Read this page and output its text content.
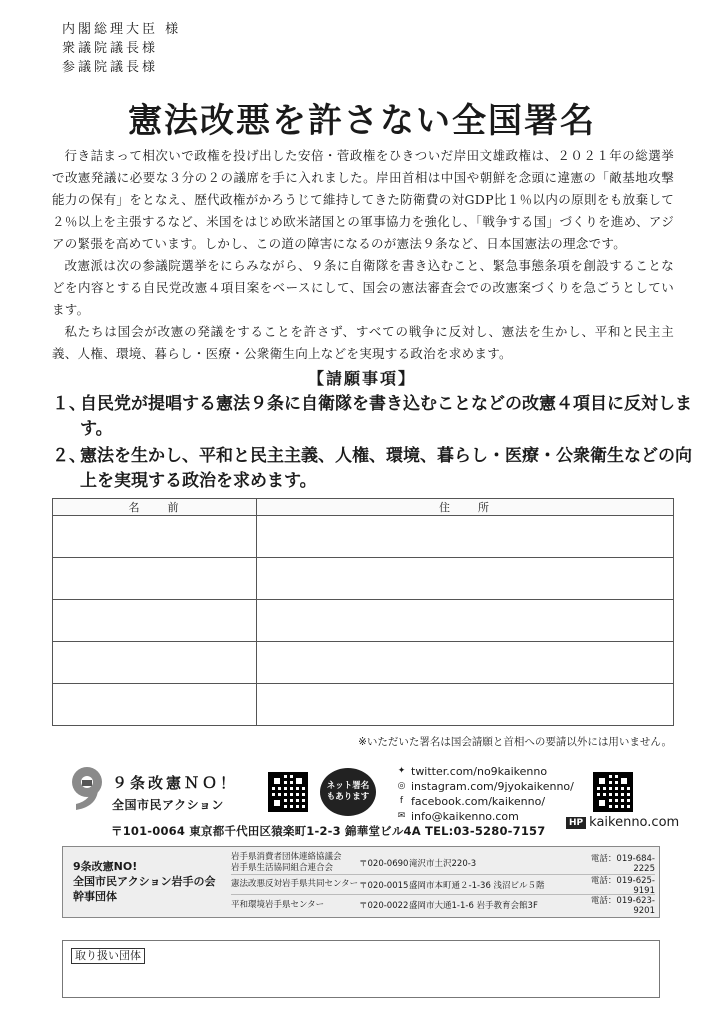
内閣総理大臣 様
衆議院議長様
参議院議長様
憲法改悪を許さない全国署名

行き詰まって相次いで政権を投げ出した安倍・菅政権をひきついだ岸田文雄政権は、２０２１年の総選挙で改憲発議に必要な３分の２の議席を手に入れました。岸田首相は中国や朝鮮を念頭に違憲の「敵基地攻撃能力の保有」をとなえ、歴代政権がかろうじて維持してきた防衛費の対GDP比１％以内の原則をも放棄して２％以上を主張するなど、米国をはじめ欧米諸国との軍事協力を強化し、「戦争する国」づくりを進め、アジアの緊張を高めています。しかし、この道の障害になるのが憲法９条など、日本国憲法の理念です。

改憲派は次の参議院選挙をにらみながら、９条に自衛隊を書き込むこと、緊急事態条項を創設することなどを内容とする自民党改憲４項目案をベースにして、国会の憲法審査会での改憲案づくりを急ごうとしています。

私たちは国会が改憲の発議をすることを許さず、すべての戦争に反対し、憲法を生かし、平和と民主主義、人権、環境、暮らし・医療・公衆衛生向上などを実現する政治を求めます。

【請願事項】
１、
自民党が提唱する憲法９条に自衛隊を書き込むことなどの改憲４項目に反対します。
２、
憲法を生かし、平和と民主主義、人権、環境、暮らし・医療・公衆衛生などの向上を実現する政治を求めます。
名　　前	住　　所

※いただいた署名は国会請願と首相への要請以外には用いません。
９条改憲ＮＯ！
全国市民アクション
ネット署名
もあります
✦ twitter.com/no9kaikenno
◎ instagram.com/9jyokaikenno/
f facebook.com/kaikenno/
✉ info@kaikenno.com	HP kaikenno.com
〒101-0064 東京都千代田区猿楽町1-2-3 錦華堂ビル4A TEL:03-5280-7157
9条改憲NO!
全国市民アクション岩手の会
幹事団体
岩手県消費者団体連絡協議会
岩手県生活協同組合連合会	〒020-0690 滝沢市土沢220-3	電話：019-684-2225
憲法改悪反対岩手県共同センター 〒020-0015 盛岡市本町通２-1-36 浅沼ビル５階	電話：019-625-9191
平和環境岩手県センター	〒020-0022 盛岡市大通1-1-6 岩手教育会館3F	電話：019-623-9201
取り扱い団体
